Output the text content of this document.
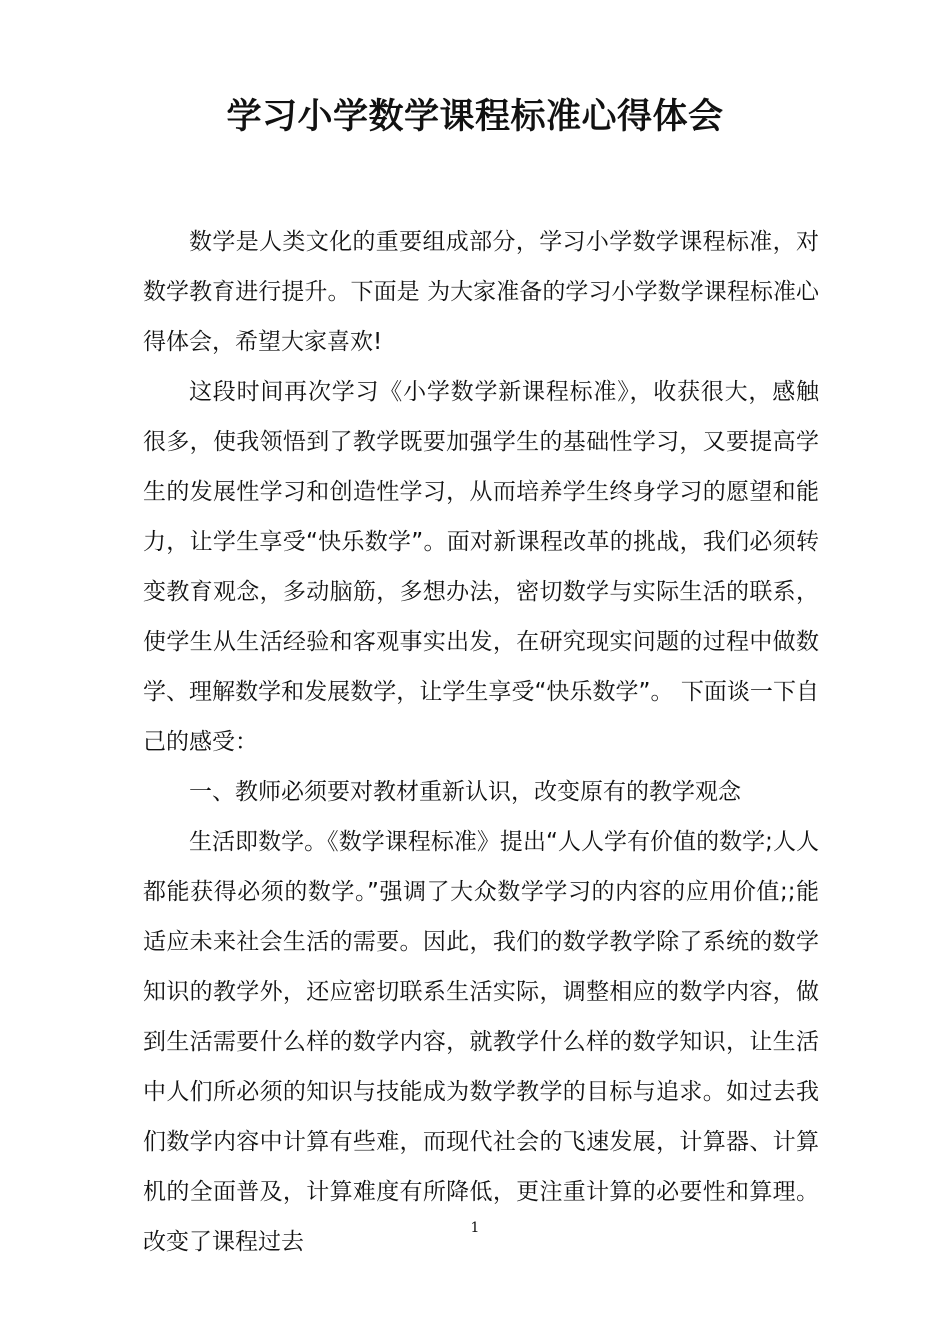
学习小学数学课程标准心得体会

数学是人类文化的重要组成部分，学习小学数学课程标准，对数学教育进行提升。下面是 为大家准备的学习小学数学课程标准心得体会，希望大家喜欢!

这段时间再次学习《小学数学新课程标准》，收获很大，感触很多，使我领悟到了教学既要加强学生的基础性学习，又要提高学生的发展性学习和创造性学习，从而培养学生终身学习的愿望和能力，让学生享受“快乐数学”。面对新课程改革的挑战，我们必须转变教育观念，多动脑筋，多想办法，密切数学与实际生活的联系，使学生从生活经验和客观事实出发，在研究现实问题的过程中做数学、理解数学和发展数学，让学生享受“快乐数学”。 下面谈一下自己的感受：

一、教师必须要对教材重新认识，改变原有的教学观念

生活即数学。《数学课程标准》提出“人人学有价值的数学;人人都能获得必须的数学。”强调了大众数学学习的内容的应用价值;;能适应未来社会生活的需要。因此，我们的数学教学除了系统的数学知识的教学外，还应密切联系生活实际，调整相应的数学内容，做到生活需要什么样的数学内容，就教学什么样的数学知识，让生活中人们所必须的知识与技能成为数学教学的目标与追求。如过去我们数学内容中计算有些难，而现代社会的飞速发展，计算器、计算机的全面普及，计算难度有所降低，更注重计算的必要性和算理。改变了课程过去

1
